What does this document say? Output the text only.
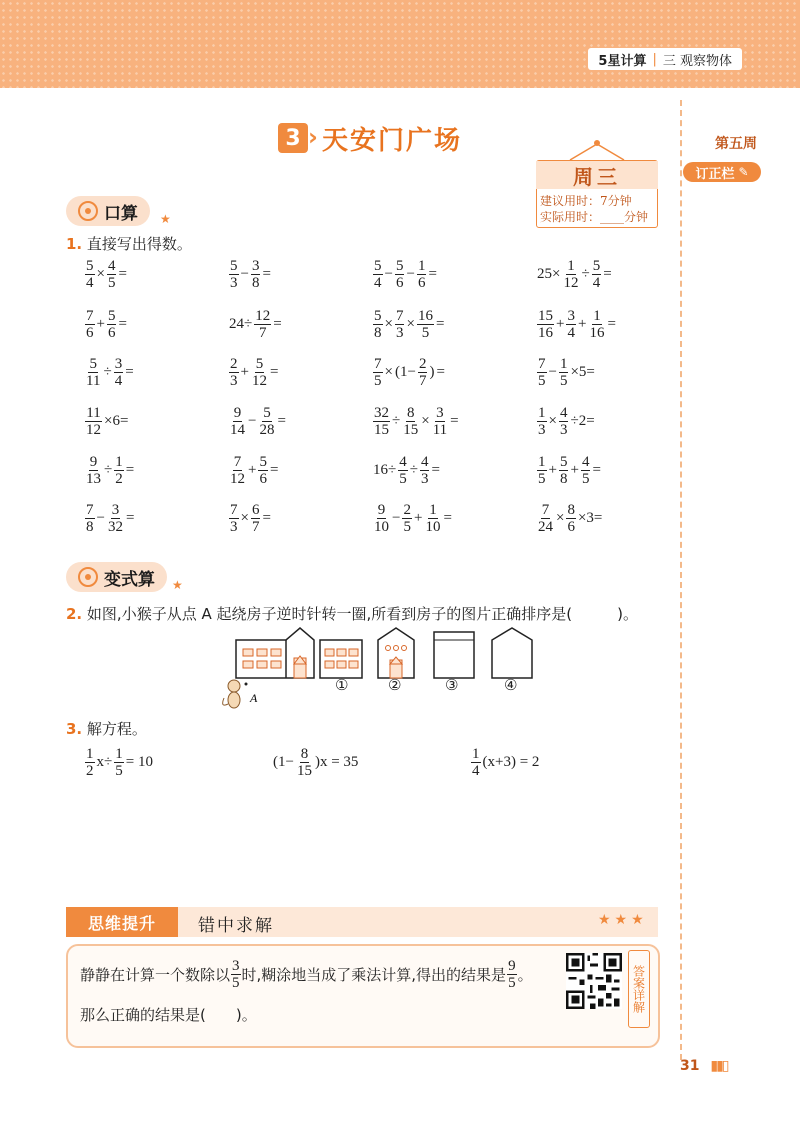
5星计算 | 三 观察物体
第五周
订正栏 ✎
3 › 天安门广场
周三
建议用时：7分钟
实际用时：____分钟
口算 ★
1. 直接写出得数。
$\frac{5}{4} \times \frac{4}{5}$ =	$\frac{5}{3} - \frac{3}{8}$ =	$\frac{5}{4} - \frac{5}{6} - \frac{1}{6}$ =	$25\times \frac{1}{12} \div \frac{5}{4}$ =
$\frac{7}{6} + \frac{5}{6}$ =	$24\div \frac{12}{7}$ =	$\frac{5}{8} \times \frac{7}{3} \times \frac{16}{5}$ =	$\frac{15}{16} + \frac{3}{4} + \frac{1}{16}$ =
$\frac{5}{11} \div \frac{3}{4}$ =	$\frac{2}{3} + \frac{5}{12}$ =	$\frac{7}{5} \times (1- \frac{2}{7}$ ) =	$\frac{7}{5} - \frac{1}{5} \times 5=$
$\frac{11}{12} \times 6=$	$\frac{9}{14} - \frac{5}{28}$ =	$\frac{32}{15} \div \frac{8}{15} \times \frac{3}{11}$ =	$\frac{1}{3} \times \frac{4}{3} \div 2=$
$\frac{9}{13} \div \frac{1}{2}$ =	$\frac{7}{12} + \frac{5}{6}$ =	$16\div \frac{4}{5} \div \frac{4}{3}$ =	$\frac{1}{5} + \frac{5}{8} + \frac{4}{5}$ =
$\frac{7}{8} - \frac{3}{32}$ =	$\frac{7}{3} \times \frac{6}{7}$ =	$\frac{9}{10} - \frac{2}{5} + \frac{1}{10}$ =	$\frac{7}{24} \times \frac{8}{6} \times 3=$
变式算 ★
2. 如图,小猴子从点 A 起绕房子逆时针转一圈,所看到房子的图片正确排序是(　　　)。
A
①	②	③	④
3. 解方程。
$\frac{1}{2} x\div \frac{1}{5} = 10$	$(1- \frac{8}{15} )x = 35$	$\frac{1}{4} (x+3) = 2$
思维提升	错中求解	★★★
静静在计算一个数除以 $\frac{3}{5}$ 时,糊涂地当成了乘法计算,得出的结果是 $\frac{9}{5}$ 。
那么正确的结果是(　　)。
答案详解
31 ▮▮▯
